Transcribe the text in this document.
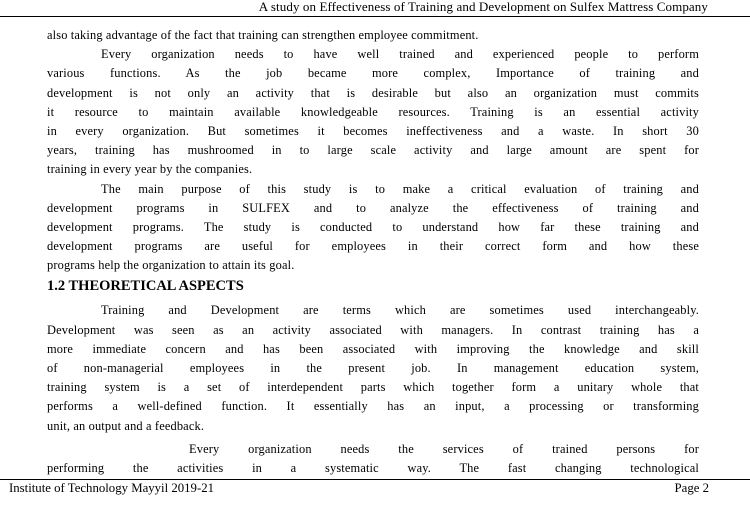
A study on Effectiveness of Training and Development on Sulfex Mattress Company
also taking advantage of the fact that training can strengthen employee commitment.
Every organization needs to have well trained and experienced people to perform
various functions. As the job became more complex, Importance of training and
development is not only an activity that is desirable but also an organization must commits
it resource to maintain available knowledgeable resources. Training is an essential activity
in every organization. But sometimes it becomes ineffectiveness and a waste. In short 30
years, training has mushroomed in to large scale activity and large amount are spent for
training in every year by the companies.
The main purpose of this study is to make a critical evaluation of training and
development programs in SULFEX and to analyze the effectiveness of training and
development programs. The study is conducted to understand how far these training and
development programs are useful for employees in their correct form and how these
programs help the organization to attain its goal.
1.2 THEORETICAL ASPECTS
Training and Development are terms which are sometimes used interchangeably.
Development was seen as an activity associated with managers. In contrast training has a
more immediate concern and has been associated with improving the knowledge and skill
of non-managerial employees in the present job. In management education system,
training system is a set of interdependent parts which together form a unitary whole that
performs a well-defined function. It essentially has an input, a processing or transforming
unit, an output and a feedback.
Every organization needs the services of trained persons for
performing the activities in a systematic way. The fast changing technological
Institute of Technology Mayyil 2019-21	Page 2
